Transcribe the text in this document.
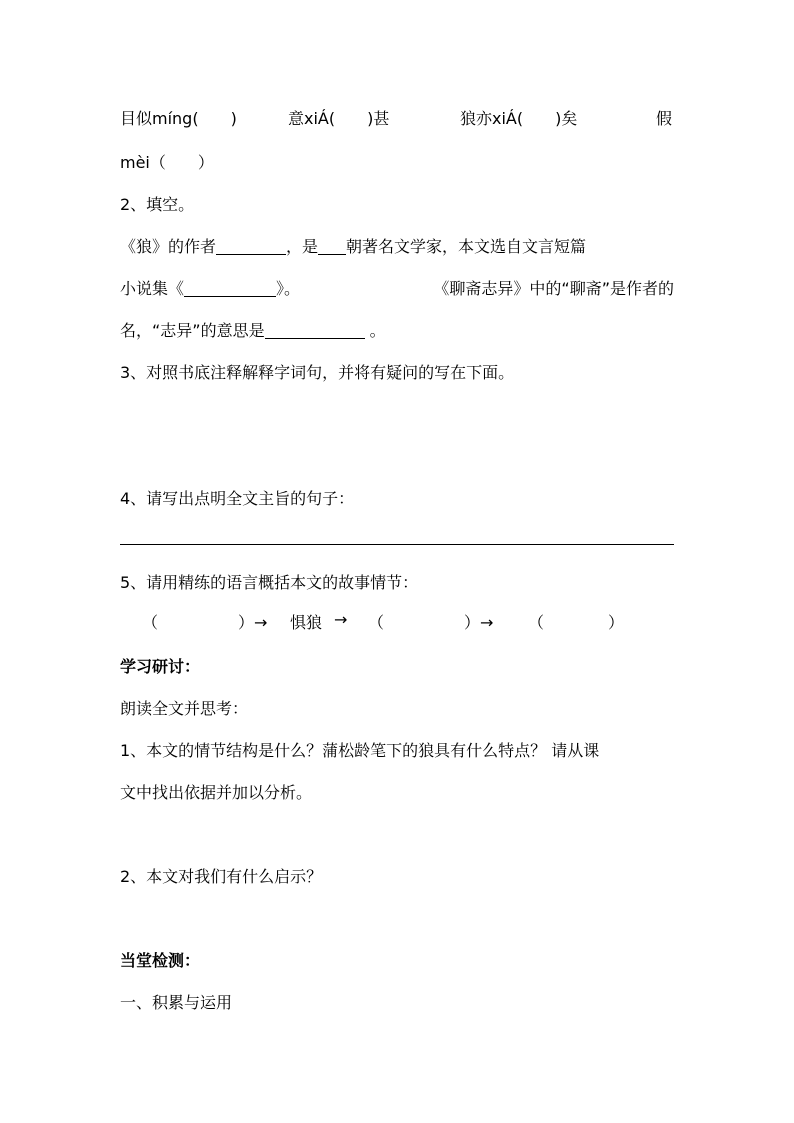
目似míng(　　)	意xiÁ(　　)甚	狼亦xiÁ(　　)矣	假
mèi（　　）
2、填空。
《狼》的作者	，是 朝著名文学家，本文选自文言短篇
小说集《	》。	《聊斋志异》中的“聊斋”是作者的
名，“志异”的意思是	。
3、对照书底注释解释字词句，并将有疑问的写在下面。
4、请写出点明全文主旨的句子：
5、请用精练的语言概括本文的故事情节：
（　　　　　）→ 惧狼 → （　　　　　）→ （　　　　）
学习研讨：
朗读全文并思考：
1、本文的情节结构是什么？蒲松龄笔下的狼具有什么特点？ 请从课
文中找出依据并加以分析。
2、本文对我们有什么启示？
当堂检测：
一、积累与运用
